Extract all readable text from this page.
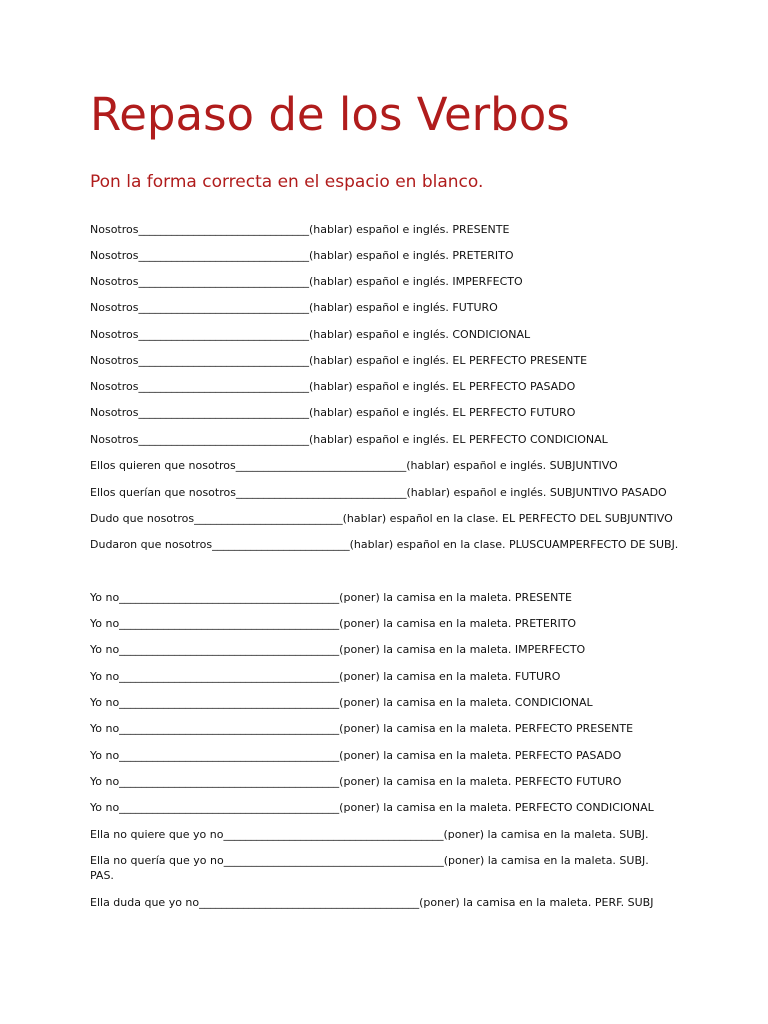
Repaso de los Verbos
Pon la forma correcta en el espacio en blanco.
Nosotros_______________________________(hablar) español e inglés. PRESENTE
Nosotros_______________________________(hablar) español e inglés. PRETERITO
Nosotros_______________________________(hablar) español e inglés. IMPERFECTO
Nosotros_______________________________(hablar) español e inglés. FUTURO
Nosotros_______________________________(hablar) español e inglés. CONDICIONAL
Nosotros_______________________________(hablar) español e inglés. EL PERFECTO PRESENTE
Nosotros_______________________________(hablar) español e inglés. EL PERFECTO PASADO
Nosotros_______________________________(hablar) español e inglés. EL PERFECTO FUTURO
Nosotros_______________________________(hablar) español e inglés. EL PERFECTO CONDICIONAL
Ellos quieren que nosotros_______________________________(hablar) español e inglés. SUBJUNTIVO
Ellos querían que nosotros_______________________________(hablar) español e inglés. SUBJUNTIVO PASADO
Dudo que nosotros___________________________(hablar) español en la clase. EL PERFECTO DEL SUBJUNTIVO
Dudaron que nosotros_________________________(hablar) español en la clase. PLUSCUAMPERFECTO DE SUBJ.
Yo no________________________________________(poner) la camisa en la maleta. PRESENTE
Yo no________________________________________(poner) la camisa en la maleta. PRETERITO
Yo no________________________________________(poner) la camisa en la maleta. IMPERFECTO
Yo no________________________________________(poner) la camisa en la maleta. FUTURO
Yo no________________________________________(poner) la camisa en la maleta. CONDICIONAL
Yo no________________________________________(poner) la camisa en la maleta. PERFECTO PRESENTE
Yo no________________________________________(poner) la camisa en la maleta. PERFECTO PASADO
Yo no________________________________________(poner) la camisa en la maleta. PERFECTO FUTURO
Yo no________________________________________(poner) la camisa en la maleta. PERFECTO CONDICIONAL
Ella no quiere que yo no________________________________________(poner) la camisa en la maleta. SUBJ.
Ella no quería que yo no________________________________________(poner) la camisa en la maleta. SUBJ. PAS.
Ella duda que yo no________________________________________(poner) la camisa en la maleta. PERF. SUBJ
